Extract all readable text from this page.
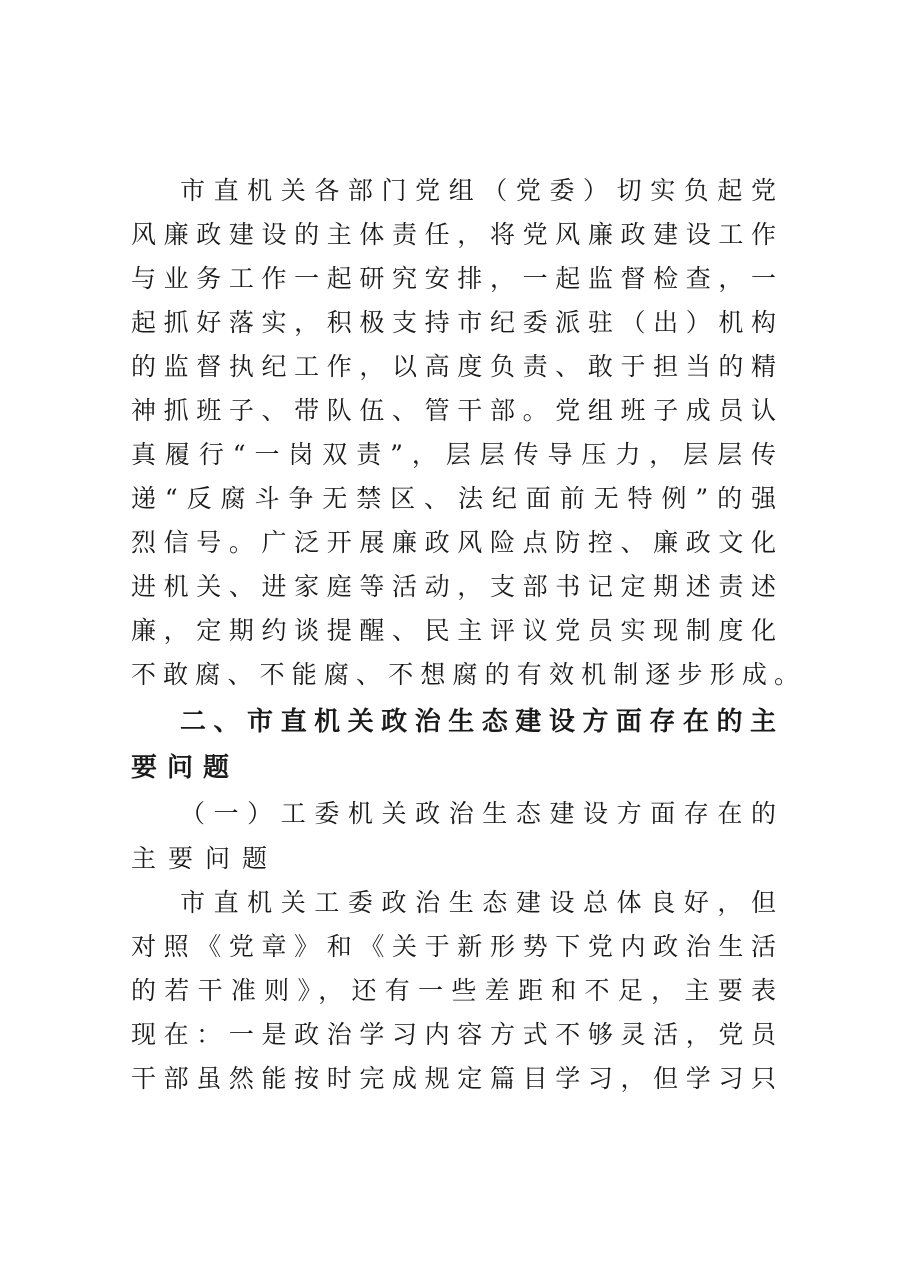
市直机关各部门党组（党委）切实负起党
风廉政建设的主体责任，将党风廉政建设工作
与业务工作一起研究安排，一起监督检查，一
起抓好落实，积极支持市纪委派驻（出）机构
的监督执纪工作，以高度负责、敢于担当的精
神抓班子、带队伍、管干部。党组班子成员认
真履行“一岗双责”，层层传导压力，层层传
递“反腐斗争无禁区、法纪面前无特例”的强
烈信号。广泛开展廉政风险点防控、廉政文化
进机关、进家庭等活动，支部书记定期述责述
廉，定期约谈提醒、民主评议党员实现制度化
不敢腐、不能腐、不想腐的有效机制逐步形成。
二、市直机关政治生态建设方面存在的主
要问题
（一）工委机关政治生态建设方面存在的
主要问题
市直机关工委政治生态建设总体良好，但
对照《党章》和《关于新形势下党内政治生活
的若干准则》，还有一些差距和不足，主要表
现在：一是政治学习内容方式不够灵活，党员
干部虽然能按时完成规定篇目学习，但学习只
